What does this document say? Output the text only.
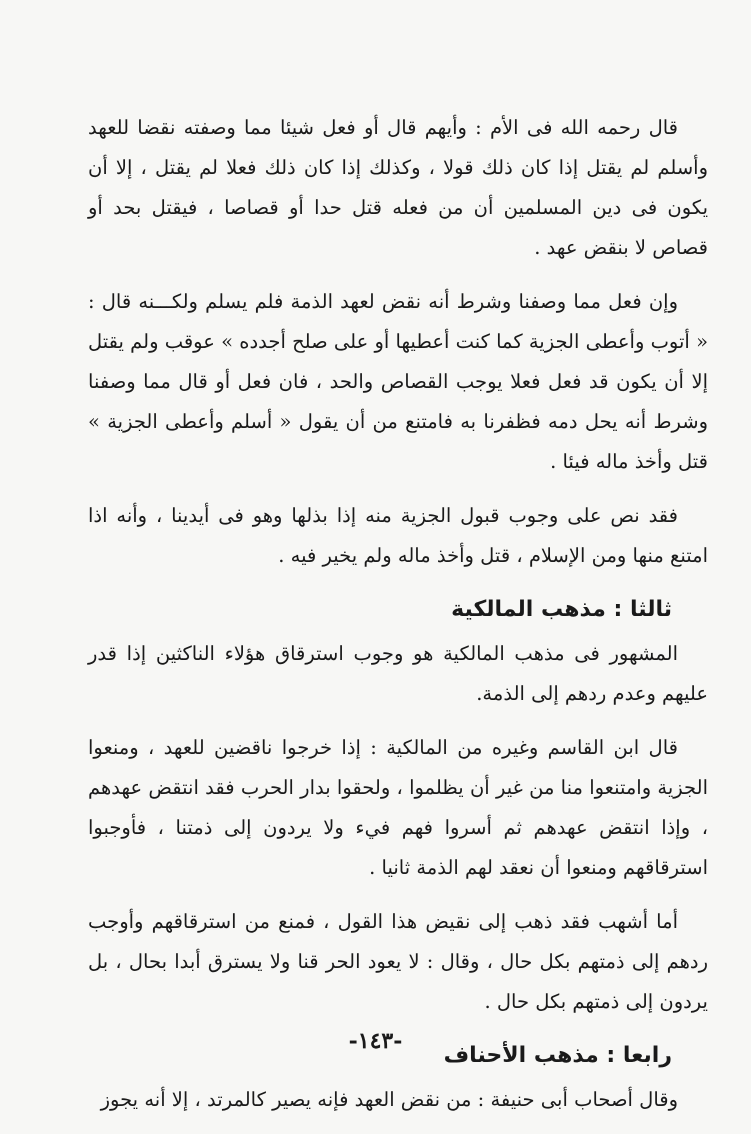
قال رحمه الله فى الأم : وأيهم قال أو فعل شيئا مما وصفته نقضا للعهد وأسلم لم يقتل إذا كان ذلك قولا ، وكذلك إذا كان ذلك فعلا لم يقتل ، إلا أن يكون فى دين المسلمين أن من فعله قتل حدا أو قصاصا ، فيقتل بحد أو قصاص لا بنقض عهد .

وإن فعل مما وصفنا وشرط أنه نقض لعهد الذمة فلم يسلم ولكـــنه قال : « أتوب وأعطى الجزية كما كنت أعطيها أو على صلح أجدده » عوقب ولم يقتل إلا أن يكون قد فعل فعلا يوجب القصاص والحد ، فان فعل أو قال مما وصفنا وشرط أنه يحل دمه فظفرنا به فامتنع من أن يقول « أسلم وأعطى الجزية » قتل وأخذ ماله فيئا .

فقد نص على وجوب قبول الجزية منه إذا بذلها وهو فى أيدينا ، وأنه اذا امتنع منها ومن الإسلام ، قتل وأخذ ماله ولم يخير فيه .

ثالثا : مذهب المالكية

المشهور فى مذهب المالكية هو وجوب استرقاق هؤلاء الناكثين إذا قدر عليهم وعدم ردهم إلى الذمة.

قال ابن القاسم وغيره من المالكية : إذا خرجوا ناقضين للعهد ، ومنعوا الجزية وامتنعوا منا من غير أن يظلموا ، ولحقوا بدار الحرب فقد انتقض عهدهم ، وإذا انتقض عهدهم ثم أسروا فهم فيء ولا يردون إلى ذمتنا ، فأوجبوا استرقاقهم ومنعوا أن نعقد لهم الذمة ثانيا .

أما أشهب فقد ذهب إلى نقيض هذا القول ، فمنع من استرقاقهم وأوجب ردهم إلى ذمتهم بكل حال ، وقال : لا يعود الحر قنا ولا يسترق أبدا بحال ، بل يردون إلى ذمتهم بكل حال .

رابعا : مذهب الأحناف

وقال أصحاب أبى حنيفة : من نقض العهد فإنه يصير كالمرتد ، إلا أنه يجوز

-١٤٣-
